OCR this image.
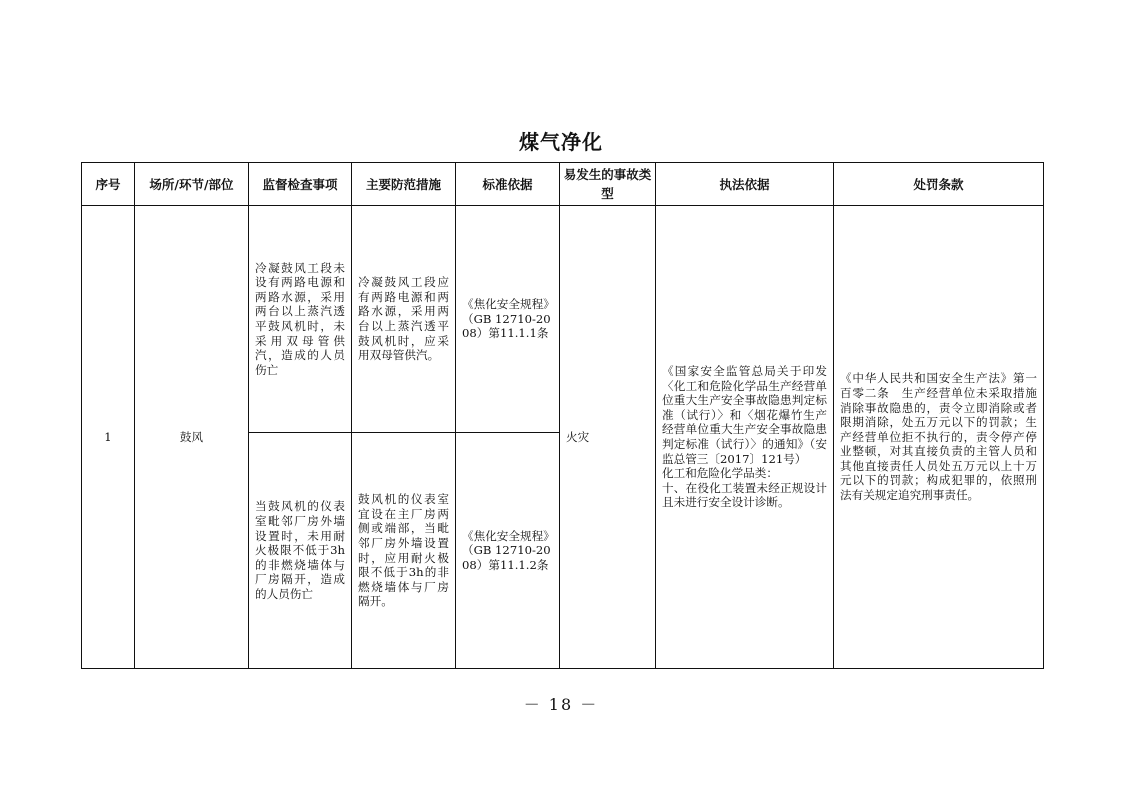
煤气净化
序号	场所/环节/部位	监督检查事项	主要防范措施	标准依据	易发生的事故类型	执法依据	处罚条款
1	鼓风	冷凝鼓风工段未设有两路电源和两路水源，采用两台以上蒸汽透平鼓风机时，未采用双母管供汽，造成的人员伤亡	冷凝鼓风工段应有两路电源和两路水源，采用两台以上蒸汽透平鼓风机时，应采用双母管供汽。	《焦化安全规程》（GB 12710-2008）第11.1.1条	火灾	《国家安全监管总局关于印发〈化工和危险化学品生产经营单位重大生产安全事故隐患判定标准（试行）〉和〈烟花爆竹生产经营单位重大生产安全事故隐患判定标准（试行）〉的通知》（安监总管三〔2017〕121号）
化工和危险化学品类：
十、在役化工装置未经正规设计且未进行安全设计诊断。	《中华人民共和国安全生产法》第一百零二条　生产经营单位未采取措施消除事故隐患的，责令立即消除或者限期消除，处五万元以下的罚款；生产经营单位拒不执行的，责令停产停业整顿，对其直接负责的主管人员和其他直接责任人员处五万元以上十万元以下的罚款；构成犯罪的，依照刑法有关规定追究刑事责任。
		当鼓风机的仪表室毗邻厂房外墙设置时，未用耐火极限不低于3h的非燃烧墙体与厂房隔开，造成的人员伤亡	鼓风机的仪表室宜设在主厂房两侧或端部，当毗邻厂房外墙设置时，应用耐火极限不低于3h的非燃烧墙体与厂房隔开。	《焦化安全规程》（GB 12710-2008）第11.1.2条			
－ 18 －
